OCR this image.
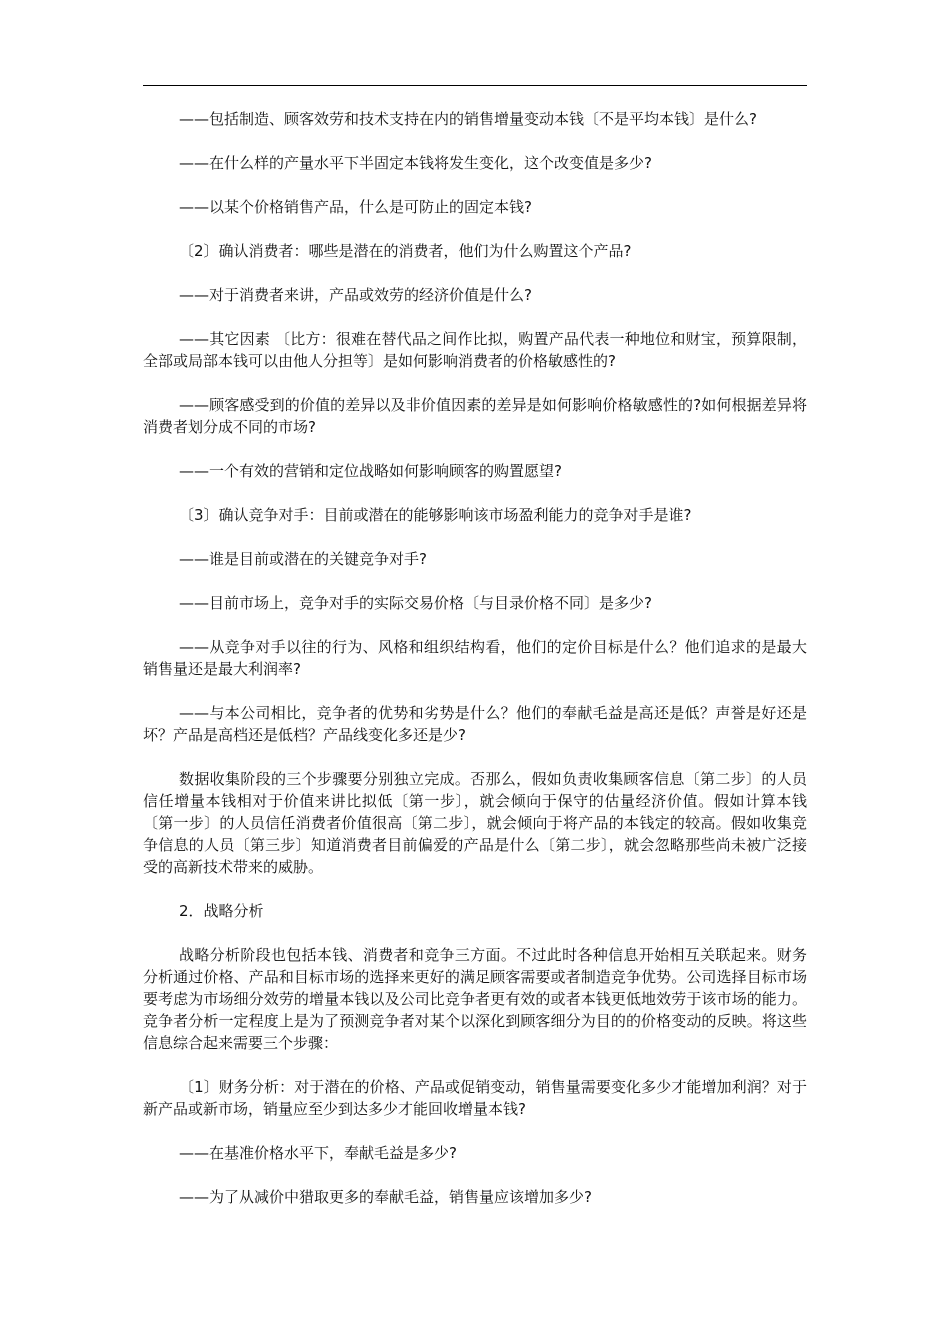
——包括制造、顾客效劳和技术支持在内的销售增量变动本钱〔不是平均本钱〕是什么?

——在什么样的产量水平下半固定本钱将发生变化，这个改变值是多少?

——以某个价格销售产品，什么是可防止的固定本钱?

〔2〕确认消费者：哪些是潜在的消费者，他们为什么购置这个产品?

——对于消费者来讲，产品或效劳的经济价值是什么?

——其它因素 〔比方：很难在替代品之间作比拟，购置产品代表一种地位和财宝，预算限制，全部或局部本钱可以由他人分担等〕是如何影响消费者的价格敏感性的?

——顾客感受到的价值的差异以及非价值因素的差异是如何影响价格敏感性的?如何根据差异将消费者划分成不同的市场?

——一个有效的营销和定位战略如何影响顾客的购置愿望?

〔3〕确认竞争对手：目前或潜在的能够影响该市场盈利能力的竞争对手是谁?

——谁是目前或潜在的关键竞争对手?

——目前市场上，竞争对手的实际交易价格〔与目录价格不同〕是多少?

——从竞争对手以往的行为、风格和组织结构看，他们的定价目标是什么？他们追求的是最大销售量还是最大利润率?

——与本公司相比，竞争者的优势和劣势是什么？他们的奉献毛益是高还是低？声誉是好还是坏？产品是高档还是低档？产品线变化多还是少?

数据收集阶段的三个步骤要分别独立完成。否那么，假如负责收集顾客信息〔第二步〕的人员信任增量本钱相对于价值来讲比拟低〔第一步〕，就会倾向于保守的估量经济价值。假如计算本钱〔第一步〕的人员信任消费者价值很高〔第二步〕，就会倾向于将产品的本钱定的较高。假如收集竞争信息的人员〔第三步〕知道消费者目前偏爱的产品是什么〔第二步〕，就会忽略那些尚未被广泛接受的高新技术带来的威胁。

2．战略分析

战略分析阶段也包括本钱、消费者和竞争三方面。不过此时各种信息开始相互关联起来。财务分析通过价格、产品和目标市场的选择来更好的满足顾客需要或者制造竞争优势。公司选择目标市场要考虑为市场细分效劳的增量本钱以及公司比竞争者更有效的或者本钱更低地效劳于该市场的能力。竞争者分析一定程度上是为了预测竞争者对某个以深化到顾客细分为目的的价格变动的反映。将这些信息综合起来需要三个步骤：

〔1〕财务分析：对于潜在的价格、产品或促销变动，销售量需要变化多少才能增加利润？对于新产品或新市场，销量应至少到达多少才能回收增量本钱?

——在基准价格水平下，奉献毛益是多少?

——为了从减价中猎取更多的奉献毛益，销售量应该增加多少?
